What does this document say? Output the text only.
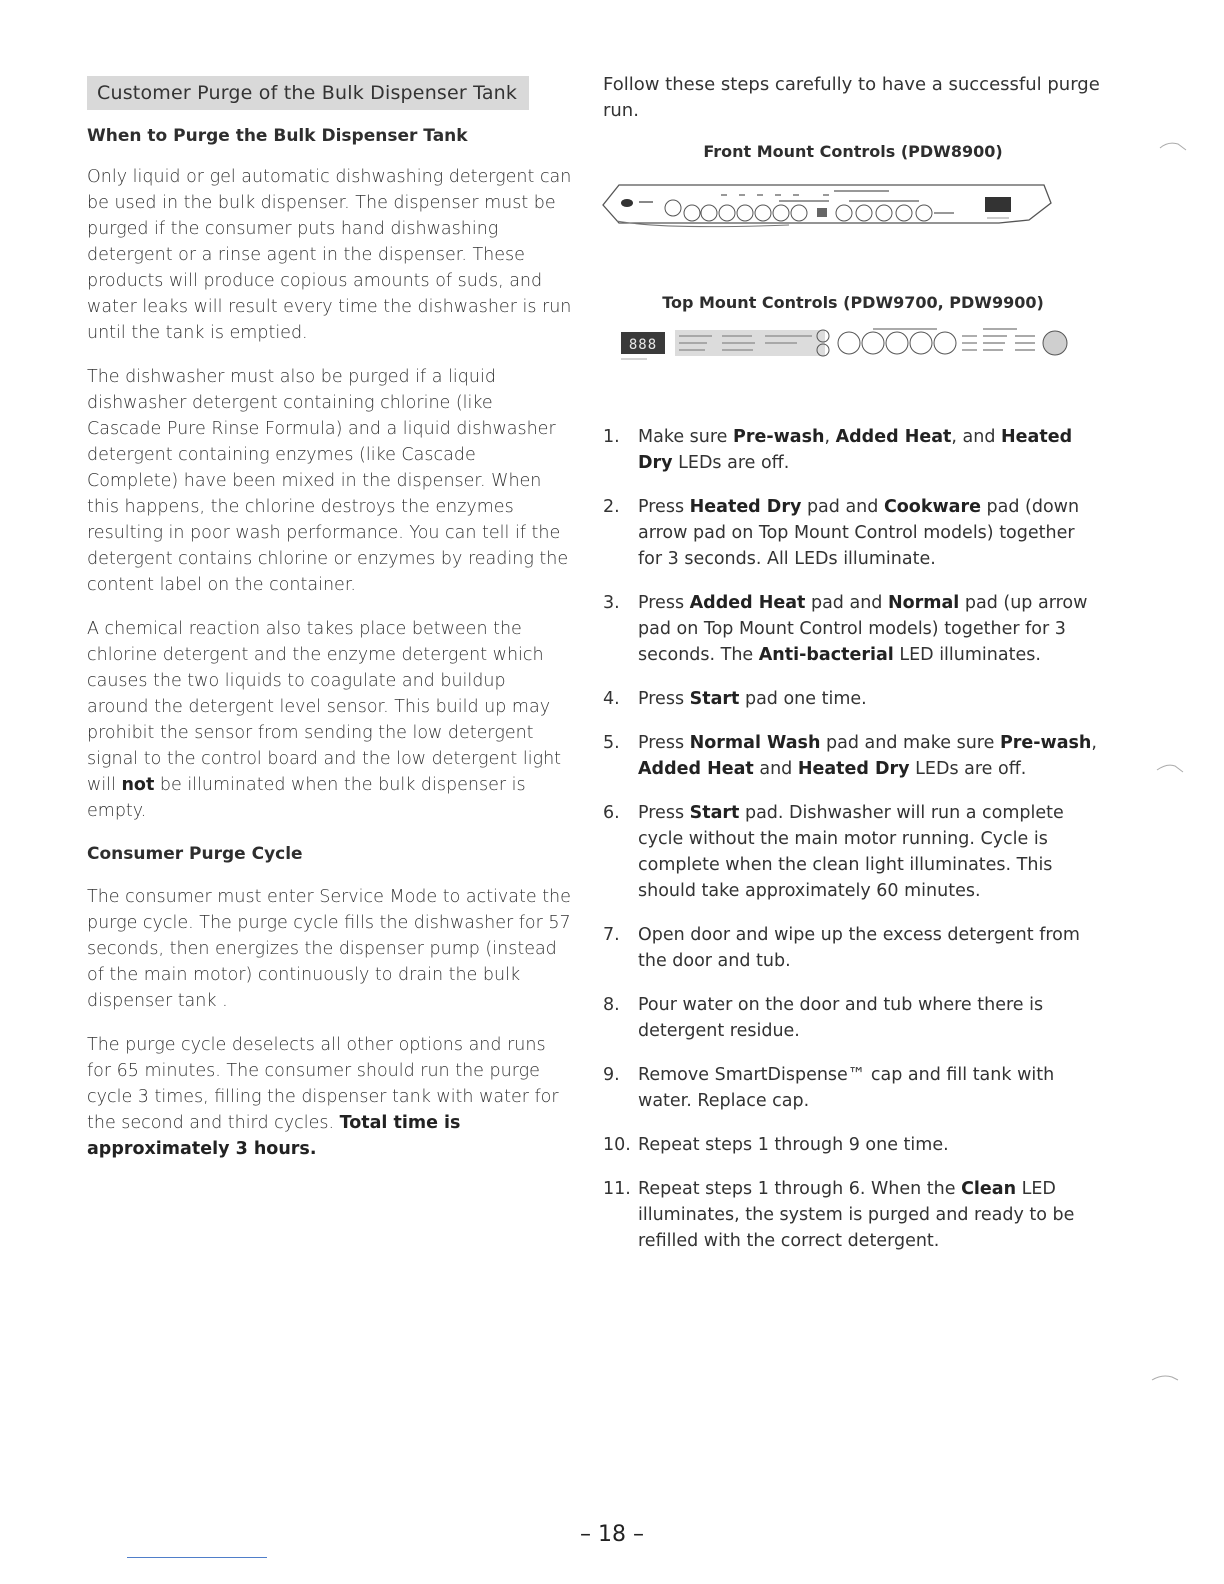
Customer Purge of the Bulk Dispenser Tank
When to Purge the Bulk Dispenser Tank

Only liquid or gel automatic dishwashing detergent can be used in the bulk dispenser. The dispenser must be purged if the consumer puts hand dishwashing detergent or a rinse agent in the dispenser. These products will produce copious amounts of suds, and water leaks will result every time the dishwasher is run until the tank is emptied.

The dishwasher must also be purged if a liquid dishwasher detergent containing chlorine (like Cascade Pure Rinse Formula) and a liquid dishwasher detergent containing enzymes (like Cascade Complete) have been mixed in the dispenser. When this happens, the chlorine destroys the enzymes resulting in poor wash performance. You can tell if the detergent contains chlorine or enzymes by reading the content label on the container.

A chemical reaction also takes place between the chlorine detergent and the enzyme detergent which causes the two liquids to coagulate and buildup around the detergent level sensor. This build up may prohibit the sensor from sending the low detergent signal to the control board and the low detergent light will not be illuminated when the bulk dispenser is empty.

Consumer Purge Cycle

The consumer must enter Service Mode to activate the purge cycle. The purge cycle fills the dishwasher for 57 seconds, then energizes the dispenser pump (instead of the main motor) continuously to drain the bulk dispenser tank .

The purge cycle deselects all other options and runs for 65 minutes. The consumer should run the purge cycle 3 times, filling the dispenser tank with water for the second and third cycles. Total time is approximately 3 hours.

Follow these steps carefully to have a successful purge run.

Front Mount Controls (PDW8900)

Top Mount Controls (PDW9700, PDW9900)

888
1. Make sure Pre-wash, Added Heat, and Heated Dry LEDs are off.
2. Press Heated Dry pad and Cookware pad (down arrow pad on Top Mount Control models) together for 3 seconds. All LEDs illuminate.
3. Press Added Heat pad and Normal pad (up arrow pad on Top Mount Control models) together for 3 seconds. The Anti-bacterial LED illuminates.
4. Press Start pad one time.
5. Press Normal Wash pad and make sure Pre-wash, Added Heat and Heated Dry LEDs are off.
6. Press Start pad. Dishwasher will run a complete cycle without the main motor running. Cycle is complete when the clean light illuminates. This should take approximately 60 minutes.
7. Open door and wipe up the excess detergent from the door and tub.
8. Pour water on the door and tub where there is detergent residue.
9. Remove SmartDispense™ cap and fill tank with water. Replace cap.
10. Repeat steps 1 through 9 one time.
11. Repeat steps 1 through 6. When the Clean LED illuminates, the system is purged and ready to be refilled with the correct detergent.
– 18 –
